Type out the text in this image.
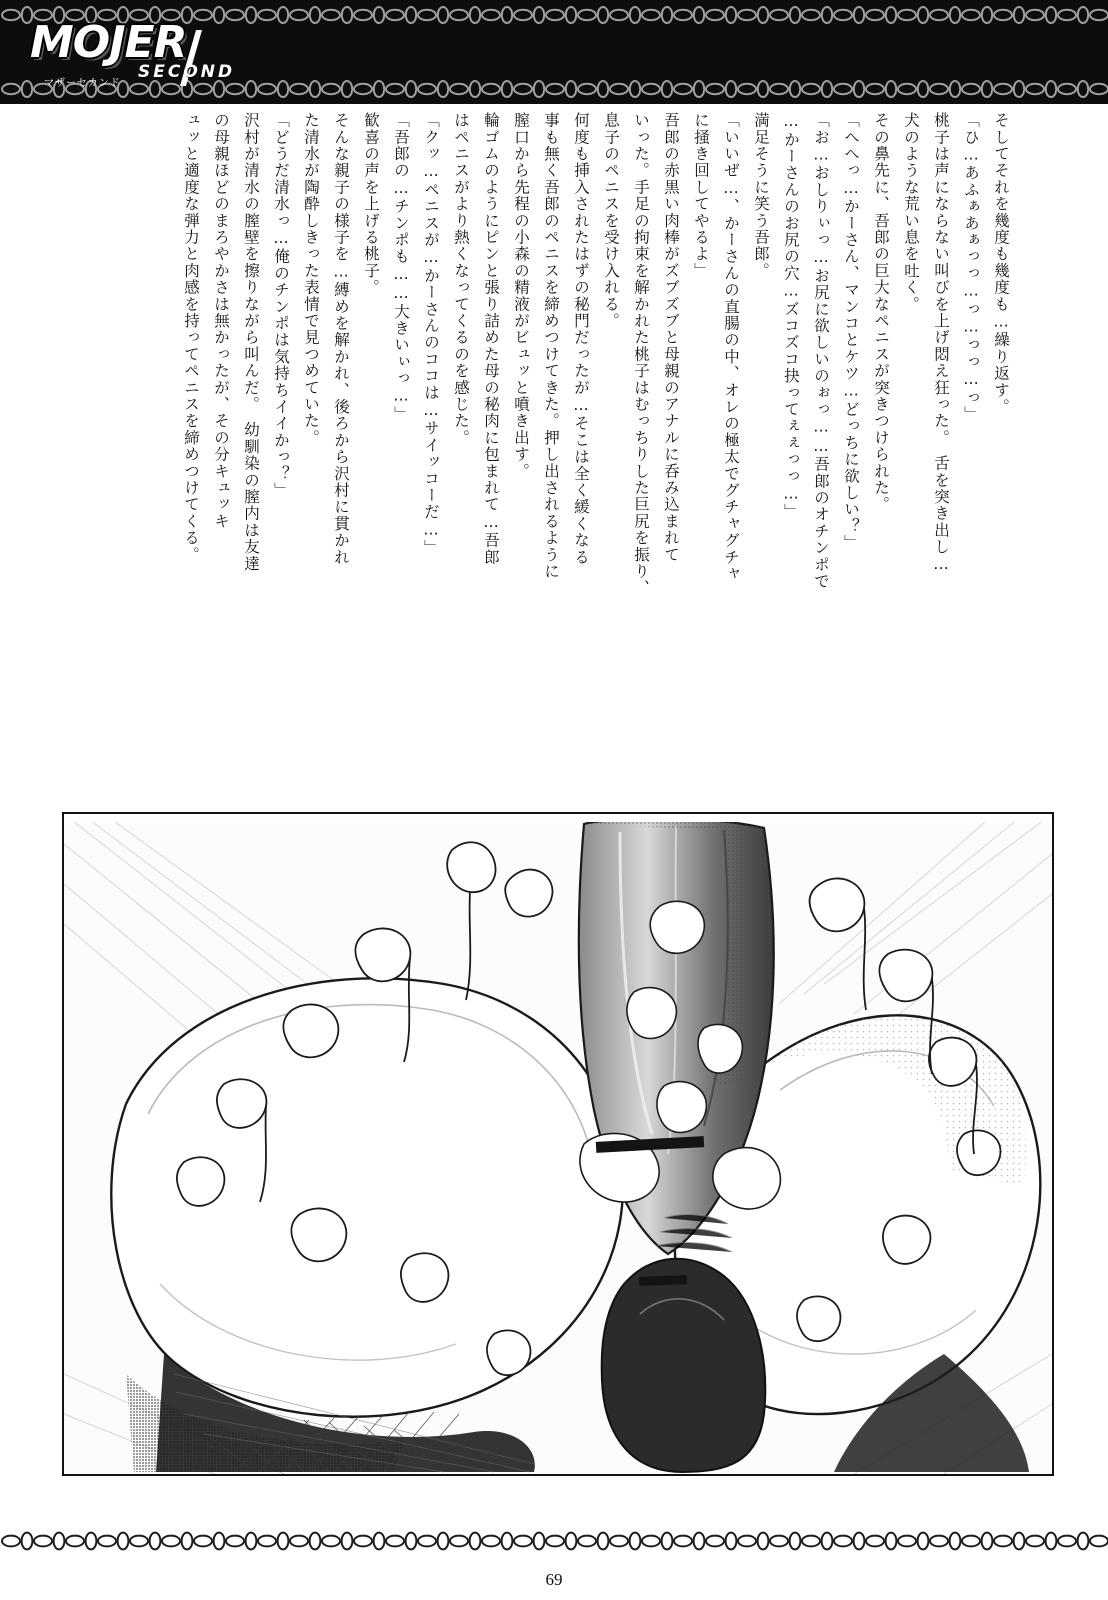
MOJER
SECOND
マザーセカンド
そしてそれを幾度も幾度も…繰り返す。
「ひ…あふぁあぁっっ…っ…っっ…っ」
桃子は声にならない叫びを上げ悶え狂った。　舌を突き出し…
犬のような荒い息を吐く。
その鼻先に、吾郎の巨大なペニスが突きつけられた。
「へへっ…かーさん、マンコとケツ…どっちに欲しい？」
「お…おしりぃっ…お尻に欲しいのぉっ……吾郎のオチンポで
…かーさんのお尻の穴…ズコズコ抉ってぇぇっっ…」
満足そうに笑う吾郎。
「いいぜ…、かーさんの直腸の中、オレの極太でグチャグチャ
に掻き回してやるよ」
吾郎の赤黒い肉棒がズブズブと母親のアナルに呑み込まれて
いった。手足の拘束を解かれた桃子はむっちりした巨尻を振り、
息子のペニスを受け入れる。
何度も挿入されたはずの秘門だったが…そこは全く緩くなる
事も無く吾郎のペニスを締めつけてきた。押し出されるように
膣口から先程の小森の精液がビュッと噴き出す。
輪ゴムのようにピンと張り詰めた母の秘肉に包まれて…吾郎
はペニスがより熱くなってくるのを感じた。
「クッ…ペニスが…かーさんのココは…サイッコーだ…」
「吾郎の…チンポも……大きいぃっ…」
歓喜の声を上げる桃子。
そんな親子の様子を…縛めを解かれ、後ろから沢村に貫かれ
た清水が陶酔しきった表情で見つめていた。
「どうだ清水っ…俺のチンポは気持ちイイかっ？」
沢村が清水の膣壁を擦りながら叫んだ。　幼馴染の膣内は友達
の母親ほどのまろやかさは無かったが、その分キュッキ
ュッと適度な弾力と肉感を持ってペニスを締めつけてくる。
69
